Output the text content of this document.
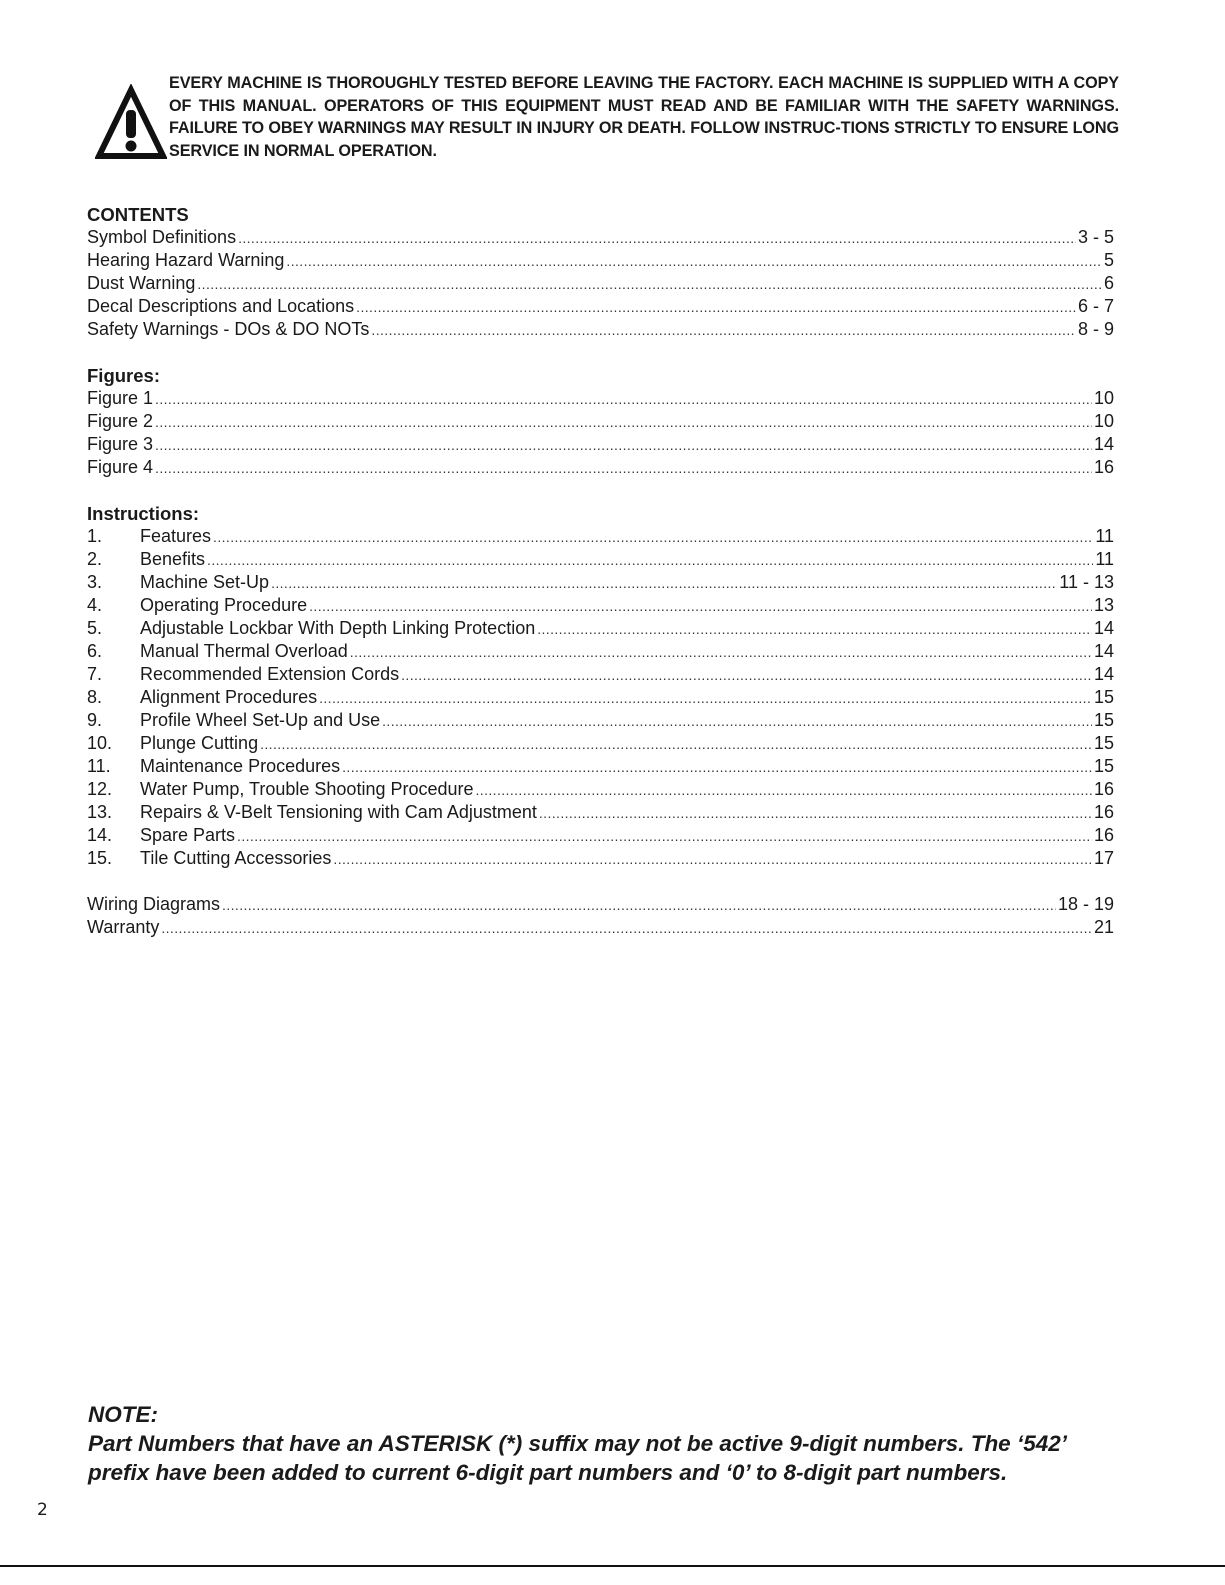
EVERY MACHINE IS THOROUGHLY TESTED BEFORE LEAVING THE FACTORY. EACH MACHINE IS SUPPLIED WITH A COPY OF THIS MANUAL. OPERATORS OF THIS EQUIPMENT MUST READ AND BE FAMILIAR WITH THE SAFETY WARNINGS. FAILURE TO OBEY WARNINGS MAY RESULT IN INJURY OR DEATH. FOLLOW INSTRUC-TIONS STRICTLY TO ENSURE LONG SERVICE IN NORMAL OPERATION.
CONTENTS
Symbol Definitions .....	3 - 5
Hearing Hazard Warning .....	5
Dust Warning .....	6
Decal Descriptions and Locations .....	6 - 7
Safety Warnings - DOs & DO NOTs .....	8 - 9
Figures:
Figure 1 .....	10
Figure 2 .....	10
Figure 3 .....	14
Figure 4 .....	16
Instructions:
1.	Features .....	11
2.	Benefits .....	11
3.	Machine Set-Up .....	11 - 13
4.	Operating Procedure .....	13
5.	Adjustable Lockbar With Depth Linking Protection .....	14
6.	Manual Thermal Overload .....	14
7.	Recommended Extension Cords .....	14
8.	Alignment Procedures .....	15
9.	Profile Wheel Set-Up and Use .....	15
10.	Plunge Cutting .....	15
11.	Maintenance Procedures .....	15
12.	Water Pump, Trouble Shooting Procedure .....	16
13.	Repairs & V-Belt Tensioning with Cam Adjustment .....	16
14.	Spare Parts .....	16
15.	Tile Cutting Accessories .....	17
Wiring Diagrams .....	18 - 19
Warranty .....	21
NOTE:
Part Numbers that have an ASTERISK (*) suffix may not be active 9-digit numbers. The ‘542’
prefix have been added to current 6-digit part numbers and ‘0’ to 8-digit part numbers.
2
